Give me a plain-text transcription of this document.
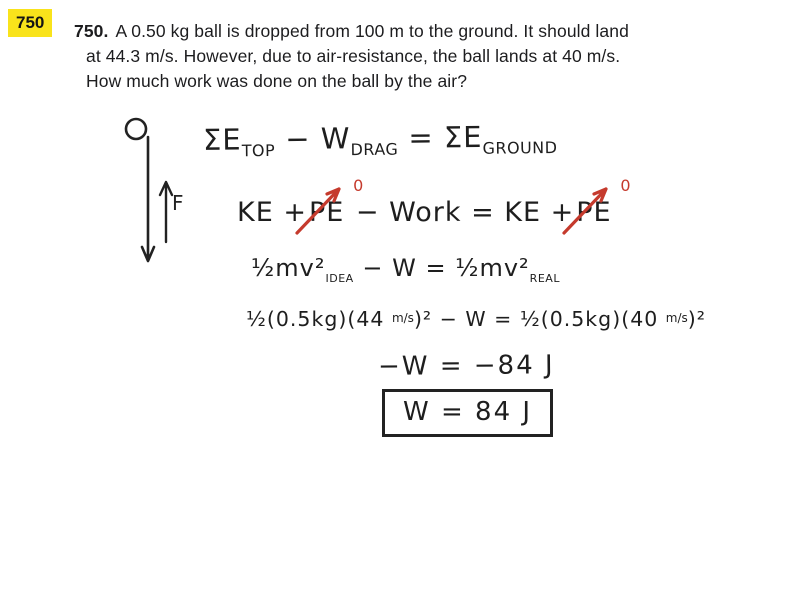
750	750. A 0.50 kg ball is dropped from 100 m to the ground. It should land
at 44.3 m/s. However, due to air-resistance, the ball lands at 40 m/s.
How much work was done on the ball by the air?
F
$\Sigma E_{TOP} - W_{DRAG} = \Sigma E_{GROUND}$
KE +PE
0
− Work = KE +PE
0
$\frac{1}{2}mv^2_{IDEA} - W$ = $\frac{1}{2}mv^2_{REAL}$
½(0.5kg)(44 m/s)² − W = ½(0.5kg)(40 m/s)²
−W = −84 J
W = 84 J
